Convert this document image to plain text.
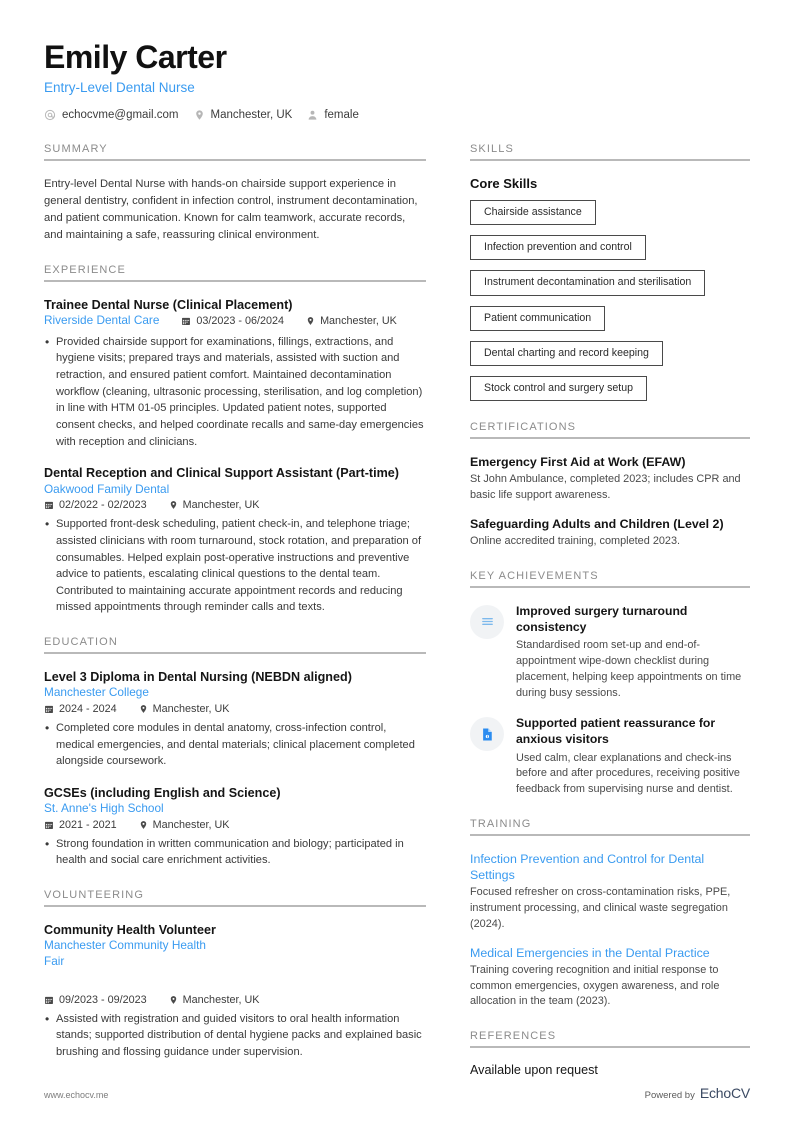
Emily Carter
Entry-Level Dental Nurse
echocvme@gmail.com	Manchester, UK	female
SUMMARY
Entry-level Dental Nurse with hands-on chairside support experience in general dentistry, confident in infection control, instrument decontamination, and patient communication. Known for calm teamwork, accurate records, and maintaining a safe, reassuring clinical environment.
EXPERIENCE
Trainee Dental Nurse (Clinical Placement)
Riverside Dental Care	03/2023 - 06/2024	Manchester, UK
• Provided chairside support for examinations, fillings, extractions, and hygiene visits; prepared trays and materials, assisted with suction and retraction, and ensured patient comfort. Maintained decontamination workflow (cleaning, ultrasonic processing, sterilisation, and log completion) in line with HTM 01-05 principles. Updated patient notes, supported consent checks, and helped coordinate recalls and same-day emergencies with reception and clinicians.
Dental Reception and Clinical Support Assistant (Part-time)
Oakwood Family Dental
02/2022 - 02/2023	Manchester, UK
• Supported front-desk scheduling, patient check-in, and telephone triage; assisted clinicians with room turnaround, stock rotation, and preparation of consumables. Helped explain post-operative instructions and preventive advice to patients, escalating clinical questions to the dental team. Contributed to maintaining accurate appointment records and reducing missed appointments through reminder calls and texts.
EDUCATION
Level 3 Diploma in Dental Nursing (NEBDN aligned)
Manchester College
2024 - 2024	Manchester, UK
• Completed core modules in dental anatomy, cross-infection control, medical emergencies, and dental materials; clinical placement completed alongside coursework.
GCSEs (including English and Science)
St. Anne's High School
2021 - 2021	Manchester, UK
• Strong foundation in written communication and biology; participated in health and social care enrichment activities.
VOLUNTEERING
Community Health Volunteer
Manchester Community Health Fair
09/2023 - 09/2023	Manchester, UK
• Assisted with registration and guided visitors to oral health information stands; supported distribution of dental hygiene packs and explained basic brushing and flossing guidance under supervision.
SKILLS
Core Skills
Chairside assistance
Infection prevention and control
Instrument decontamination and sterilisation
Patient communication
Dental charting and record keeping
Stock control and surgery setup
CERTIFICATIONS
Emergency First Aid at Work (EFAW)
St John Ambulance, completed 2023; includes CPR and basic life support awareness.
Safeguarding Adults and Children (Level 2)
Online accredited training, completed 2023.
KEY ACHIEVEMENTS
Improved surgery turnaround consistency
Standardised room set-up and end-of-appointment wipe-down checklist during placement, helping keep appointments on time during busy sessions.
Supported patient reassurance for anxious visitors
Used calm, clear explanations and check-ins before and after procedures, receiving positive feedback from supervising nurse and dentist.
TRAINING
Infection Prevention and Control for Dental Settings
Focused refresher on cross-contamination risks, PPE, instrument processing, and clinical waste segregation (2024).
Medical Emergencies in the Dental Practice
Training covering recognition and initial response to common emergencies, oxygen awareness, and role allocation in the team (2023).
REFERENCES
Available upon request
www.echocv.me	Powered by EchoCV
